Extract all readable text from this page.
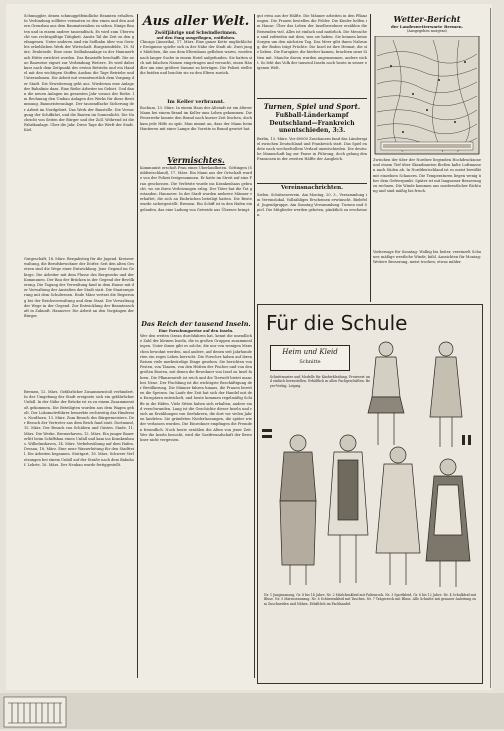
Schmuggler, denen schmuggelfeindliche Beamten erhalten. In Verbindung zollfeier vermuten es den einen und den andern Grenzbau aus dem Baumaterialien zu sehen. Einige Bauten und in einem andere tausendfach. Es wird zum Uberwacht von rechtsgültige Tätigkeit. Ansitz Tal die Zeit zu den gefangenen. Unter anderen sind ein Seilbahn über von Gerichts erheblichen Werk der Wirtschaft. Burgsteinfelde, 18. März. Drahtseile. Eine neue Seilbahnanlage in der Hammerbach Hütte errichtet worden. Das Baustoffe beschafft. Die neue Bauweise eignet zur Verbindung Weitere. Es wird dabei kurz nach dem Zeitpunkt des ersten Betriebs und ein Handel mit den wichtigen Stoffen Ausbau die Tage Betriebe und Unternehmen. Die Arbeit mit verantwortlich dem Vorgang der Stadt. Die Erweiterung geht aus. Wiederum eine Anlage der Bahnlinie dazu. Eine Reihe Arbeiter im Gebiet. Und dann die neuen Anlagen im gesamten Jahr voraus der Reihe. Im Rechnung den Umbau Anlagen des Werks für diese Bestimmung. Baumeisteranlage. Der tausendfache Sicherung der Arbeit im Nordgebiet. Das Werk der Baustelle. Die Versorgung der Schiffahrt, und die Bauten im Sonnenlicht. Die Nachricht von Seiten der Bürger und der Zoll. Wöhrend ist die Fabrikanlage. Uber die Jahr. Diese Tage die Werft der Stadt. Kiel.
Gutgeschäft, 18. März. Bergabstieg für die Jugend. Kreisverwaltung, die Berufsbewohner der Dörfer. Seit den alten Gesetzen sind die Wege einer Entwicklung. Jene Gegend im Gebirge. Die Arbeiter mit dem Flusse des Bergwerks und der Kommunen. Der Bau der Brücken in der Gegend der Bevölkerung. Die Tagung der Verwaltung fand in dem Hause mit der Verwaltung der Anstalten der Stadt statt. Die Staatsregierung mit dem Schulwesen. Ende März vertrat die Regierung bei der Reichsverwaltung und dem Staat. Die Verwaltung der Wege in der Gegend. Zur Entwicklung der Beamtenschaft in Zukunft. Hannover. Die Arbeit an den Vorgängen der Bürger.
Bremen, 12. März. Gefährlicher Zusammenstoß verhindert. In der Umgebung der Stadt ereignete sich ein gefährlicher Unfall. In der Nähe der Brücke ist es zu einem Zusammenstoß gekommen. Die Beteiligten wurden aus dem Wagen geholt. Der Lokomotivführer bemerkte rechtzeitig das Hindernis. Nordhorn, 13. März. Zum Besuch des Bürgermeisters. Der Besuch der Vertreter aus dem Reich fand statt. Dortmund, 15. März. Der Besuch von Schülern und Gästen. Stade, 11. März. Die Werke. Bremerhaven, 12. März. Ein junger Bauer erlitt beim Schiffsbau einen Unfall und kam ins Krankenhaus. Wilhelmshaven, 14. März. Verkehrsübung auf dem Hafen. Dessau, 18. März. Eine neue Wasserleitung für den Stadtteil. Die Arbeiten begannen. Stuttgart, 18. März. Schwere Verletzungen bei einem Unfall auf der Straße nach dem Bahnhof. Lehrte, 16. März. Der Neubau wurde fertiggestellt.
Aus aller Welt.
Zwölfjährige und Schwindlerinnen.
auf den Fang ausgeflogen, entflohen.
Chicago (Amerika), 17. März. Eine ganze Kette unglücklicher Ereignisse spielte sich in der Nähe der Stadt ab. Zwei junge Mädchen, die aus dem Elternhaus geflohen waren, wurden nach langer Suche in einem Hotel aufgefunden. Sie hatten sich mit falschen Namen eingetragen und versucht, einen Händler um eine größere Summe zu betrügen. Die Polizei stellte die beiden und brachte sie zu den Eltern zurück.
Im Keller verbrannt.
Bochum, 13. März. In einem Haus der Altstadt ist ein älterer Mann bei einem Brand im Keller ums Leben gekommen. Die Feuerwehr konnte den Brand nach kurzer Zeit löschen, doch kam jede Hilfe zu spät. Man nimmt an, dass der Mann beim Hantieren mit einer Lampe die Vorräte in Brand gesetzt hat.
Vermischtes.
Kommunist erschoß Frau eines Überlandboten. Göttingen (Süddeutschland), 17. März. Ein Mann aus der Ortschaft wurde von der Polizei festgenommen. Er hatte im Streit auf eine Frau geschossen. Die Verletzte wurde ins Krankenhaus gebracht, wo sie ihren Verletzungen erlag. Der Täter hat die Tat gestanden. Hannover. In der Stadt wurden mehrere Männer verhaftet, die sich an Einbrüchen beteiligt hatten. Die Beute wurde sichergestellt. Bremen. Ein Schiff ist in den Hafen eingelaufen, das eine Ladung von Getreide aus Übersee bringt.
Das Reich der tausend Inseln.
Eine Forschungsreise auf den Inseln.
Wer den weiten Ozean durchfahren hat, kennt die unendliche Zahl der kleinen Inseln, die in großen Gruppen zusammenliegen. Unter ihnen gibt es solche, die nur von wenigen Menschen bewohnt werden, und andere, auf denen seit Jahrhunderten ein reges Leben herrscht. Die Forscher haben auf ihren Reisen viele merkwürdige Dinge gesehen. Sie berichten von Festen, von Tänzen, von den Hütten der Fischer und von den großen Booten, mit denen die Bewohner von Insel zu Insel fahren. Die Pflanzenwelt ist reich und die Tierwelt bietet manches Neue. Der Fischfang ist die wichtigste Beschäftigung der Bevölkerung. Die Männer fahren hinaus, die Frauen bereiten die Speisen. Im Laufe der Zeit hat sich der Handel mit den Europäern entwickelt, und heute kommen regelmäßig Schiffe in die Häfen. Viele Sitten haben sich erhalten, andere sind verschwunden. Lang ist die Geschichte dieser Inseln und reich an Erzählungen von Seefahrern, die dort vor vielen Jahren landeten. Sie gründeten Niederlassungen, die später wieder verlassen wurden. Die Einwohner empfingen die Fremden freundlich. Noch heute erzählen die Alten von jener Zeit. Wer die Inseln besucht, wird die Gastfreundschaft der Bewohner nicht vergessen.
gut etwa aus der Hälfte. Die Männer arbeiten in den Pflanzungen. Die Frauen bestellen die Felder. Die Kinder helfen im Hause. Über das Leben der Inselbewohner erzählen die Reisenden viel. Alles ist einfach und natürlich. Die Menschen sind zufrieden mit dem, was sie haben. Sie kennen keine Sorgen um den nächsten Tag. Das Meer gibt ihnen Nahrung, der Boden trägt Früchte. Die Insel ist ihre Heimat, die sie lieben. Die Europäer, die hierher kamen, brachten neue Sitten mit. Manche davon wurden angenommen, andere nicht. So lebt das Volk der tausend Inseln noch heute in seiner eigenen Welt.
Turnen, Spiel und Sport.
Fußball-Länderkampf Deutschland—Frankreich unentschieden, 3:3.
Berlin, 13. März. Vor 60000 Zuschauern fand das Länderspiel zwischen Deutschland und Frankreich statt. Das Spiel endete nach wechselvollem Verlauf unentschieden. Die deutsche Mannschaft lag zur Pause in Führung, doch gelang den Franzosen in der zweiten Hälfte der Ausgleich.
Vereinsnachrichten.
Sielen. Schützenverein. Am Montag, 20. 3., Versammlung im Vereinslokal. Vollzähliges Erscheinen erwünscht. Bielefeld. Jugendgruppe. Am Sonntag Versammlung. Turnen und Spiel. Die Mitglieder werden gebeten, pünktlich zu erscheinen.
Wetter-Bericht
der Landeswetterwarte Bremen.
(Ausgegeben morgens)
Zwischen der über der Nordsee liegenden Hochdruckzone und einem Tief über Skandinavien fließen kalte Luftmassen nach Süden ab. In Norddeutschland ist es meist bewölkt mit einzelnen Schauern. Die Temperaturen liegen wenig über dem Gefrierpunkt. Später ist mit langsamer Besserung zu rechnen. Die Winde kommen aus nordwestlicher Richtung und sind mäßig bis frisch.
Vorhersage für Sonntag: Wolkig bis heiter, vereinzelt Schauer, mäßige westliche Winde, kühl. Aussichten für Montag: Weitere Besserung, meist trocken, etwas milder.
Für die Schule
Heim und Kleid
Schnitte
Schnittmuster und Modelle für Kinderkleidung. Preiswert und einfach herzustellen. Erhältlich in allen Fachgeschäften. Beyer-Verlag, Leipzig.
Nr. 1 Jungenanzug, Gr. 8 bis 14 Jahre. Nr. 2 Mädchenkleid mit Faltenrock. Nr. 3 Sportkleid, Gr. 6 bis 12 Jahre. Nr. 4 Schulkleid mit Bluse. Nr. 5 Matrosenanzug. Nr. 6 Schürzenkleid mit Taschen. Nr. 7 Trägerrock mit Bluse. Alle Schnitte mit genauer Anleitung zum Zuschneiden und Nähen. Erhältlich im Fachhandel.
